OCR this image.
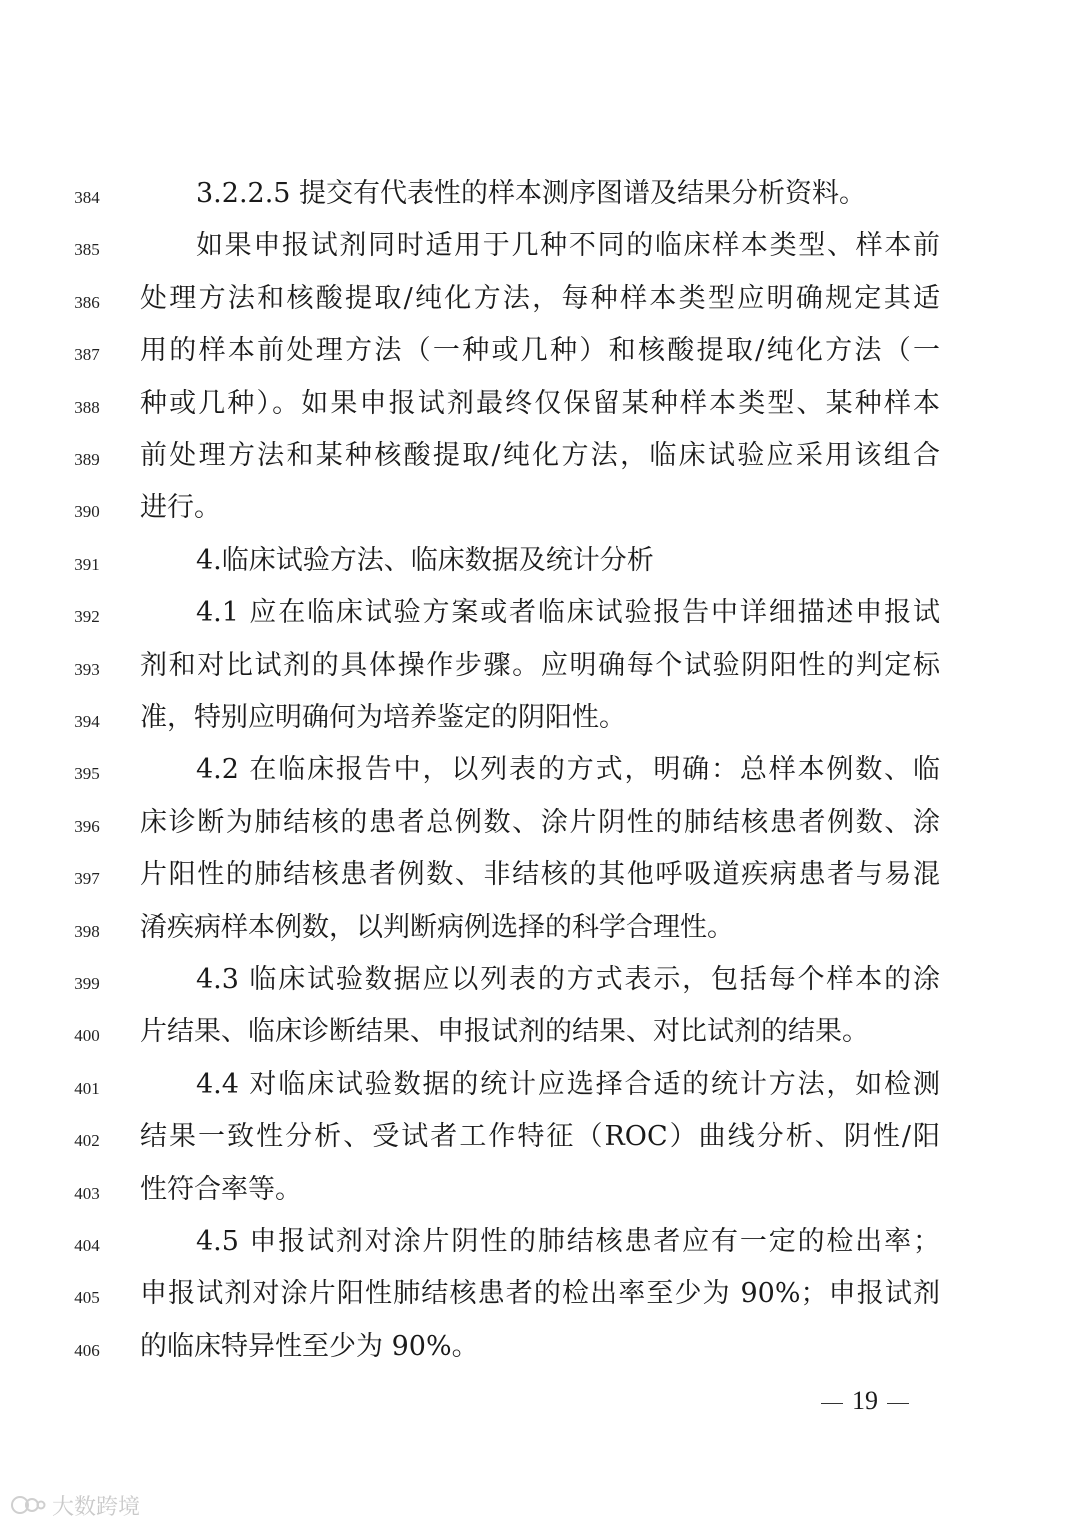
384	3.2.2.5 提交有代表性的样本测序图谱及结果分析资料。
385	如果申报试剂同时适用于几种不同的临床样本类型、样本前
386	处理方法和核酸提取/纯化方法，每种样本类型应明确规定其适
387	用的样本前处理方法（一种或几种）和核酸提取/纯化方法（一
388	种或几种）。如果申报试剂最终仅保留某种样本类型、某种样本
389	前处理方法和某种核酸提取/纯化方法，临床试验应采用该组合
390	进行。
391	4.临床试验方法、临床数据及统计分析
392	4.1 应在临床试验方案或者临床试验报告中详细描述申报试
393	剂和对比试剂的具体操作步骤。应明确每个试验阴阳性的判定标
394	准，特别应明确何为培养鉴定的阴阳性。
395	4.2 在临床报告中，以列表的方式，明确：总样本例数、临
396	床诊断为肺结核的患者总例数、涂片阴性的肺结核患者例数、涂
397	片阳性的肺结核患者例数、非结核的其他呼吸道疾病患者与易混
398	淆疾病样本例数，以判断病例选择的科学合理性。
399	4.3 临床试验数据应以列表的方式表示，包括每个样本的涂
400	片结果、临床诊断结果、申报试剂的结果、对比试剂的结果。
401	4.4 对临床试验数据的统计应选择合适的统计方法，如检测
402	结果一致性分析、受试者工作特征（ROC）曲线分析、阴性/阳
403	性符合率等。
404	4.5 申报试剂对涂片阴性的肺结核患者应有一定的检出率；
405	申报试剂对涂片阳性肺结核患者的检出率至少为 90%；申报试剂
406	的临床特异性至少为 90%。
19
大数跨境
